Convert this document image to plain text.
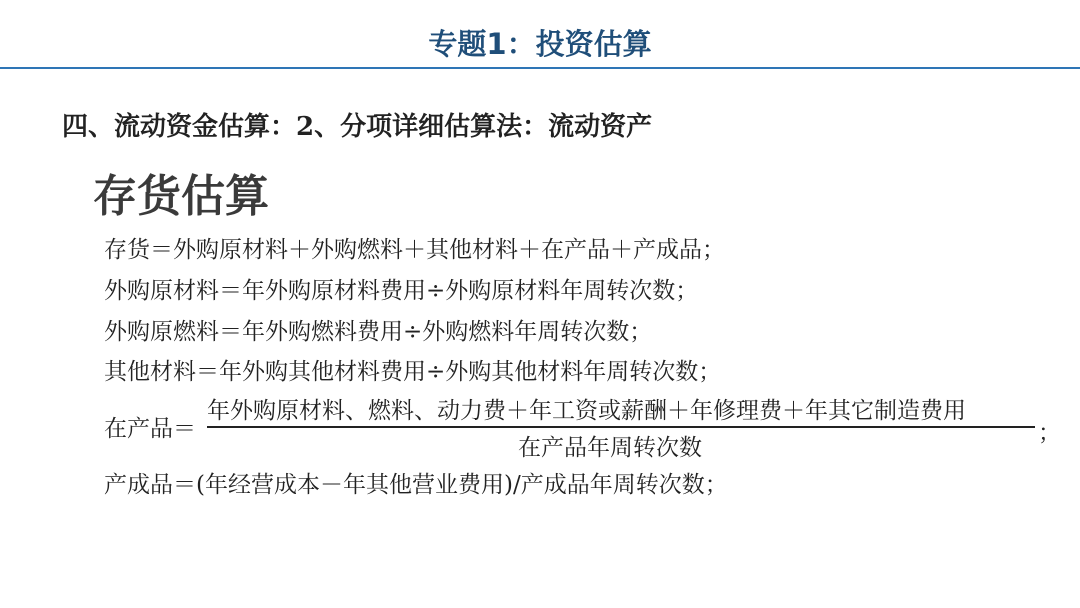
专题1：投资估算
四、流动资金估算：2、分项详细估算法：流动资产
存货估算
存货＝外购原材料＋外购燃料＋其他材料＋在产品＋产成品；
外购原材料＝年外购原材料费用÷外购原材料年周转次数；
外购原燃料＝年外购燃料费用÷外购燃料年周转次数；
其他材料＝年外购其他材料费用÷外购其他材料年周转次数；
在产品＝
年外购原材料、燃料、动力费＋年工资或薪酬＋年修理费＋年其它制造费用
在产品年周转次数
；
产成品＝(年经营成本－年其他营业费用)/产成品年周转次数；
